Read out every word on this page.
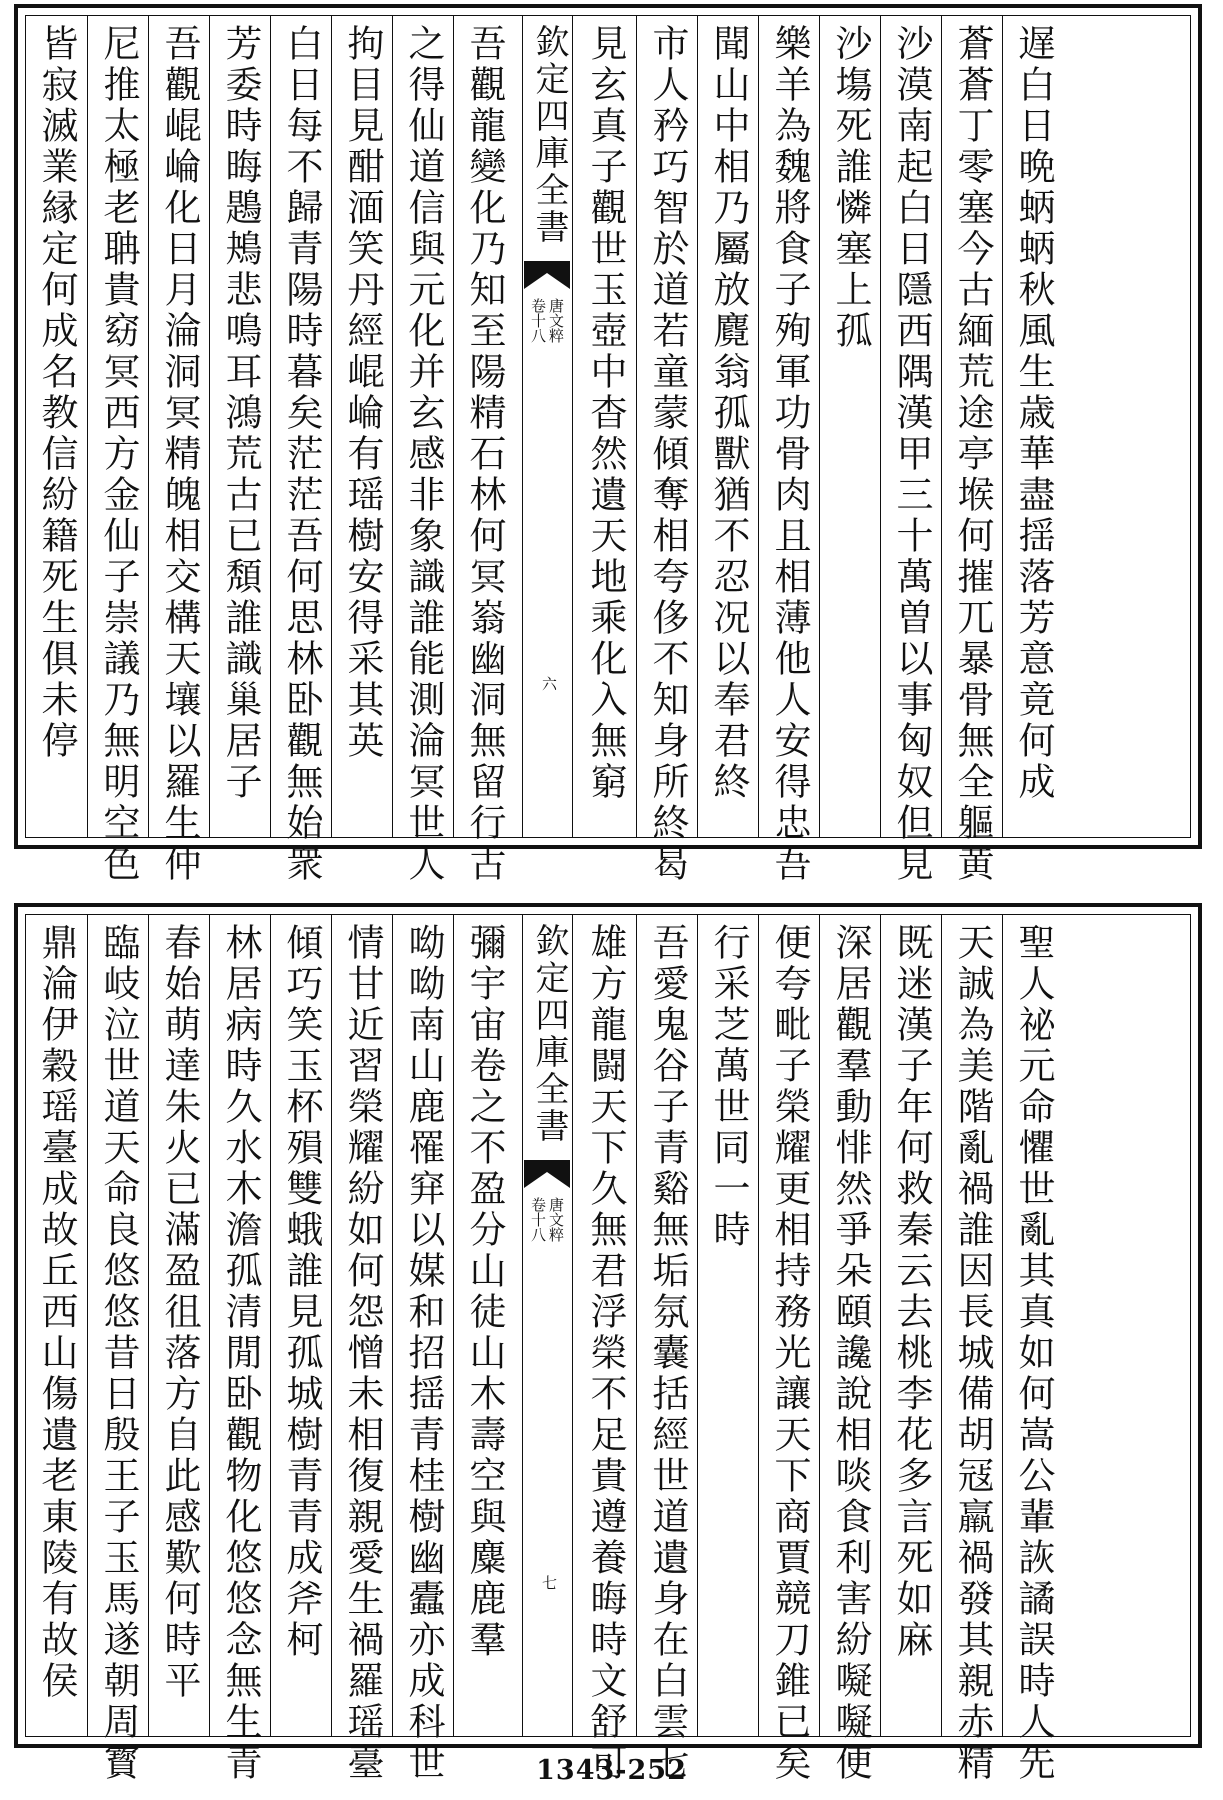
皆寂滅業縁定何成名教信紛籍死生俱未停 尼推太極老聃貴窈冥西方金仙子崇議乃無明空色 吾觀崐崘化日月淪洞冥精魄相交構天壤以羅生仲 芳委時晦鶗鴂悲鳴耳鴻荒古已頽誰識巢居子 白日每不歸青陽時暮矣茫茫吾何思林卧觀無始衆 拘目見酣湎笑丹經崐崘有瑶樹安得采其英 之得仙道信與元化并玄感非象識誰能測淪冥世人 吾觀龍變化乃知至陽精石林何冥嵡幽洞無留行古 欽定四庫全書
唐文粹
卷十八
六 見玄真子觀世玉壺中杳然遺天地乘化入無窮 市人矜巧智於道若童蒙傾奪相夸侈不知身所終曷 聞山中相乃屬放麑翁孤獸猶不忍况以奉君終 樂羊為魏將食子殉軍功骨肉且相薄他人安得忠吾 沙塲死誰憐塞上孤 沙漠南起白日隱西隅漢甲三十萬曽以事匈奴但見 蒼蒼丁零塞今古緬荒途亭堠何摧兀暴骨無全軀黄 遅白日晩蛃蛃秋風生歳華盡揺落芳意竟何成
鼎淪伊穀瑶臺成故丘西山傷遺老東陵有故侯 臨岐泣世道天命良悠悠昔日殷王子玉馬遂朝周寳 春始萌達朱火已滿盈徂落方自此感歎何時平 林居病時久水木澹孤清閒卧觀物化悠悠念無生青 傾巧笑玉杯殞雙蛾誰見孤城樹青青成斧柯 情甘近習榮耀紛如何怨憎未相復親愛生禍羅瑶臺 呦呦南山鹿罹穽以媒和招揺青桂樹幽蠹亦成科世 彌宇宙卷之不盈分山徒山木壽空與麋鹿羣 欽定四庫全書
唐文粹
卷十八
七 雄方龍闘天下久無君浮榮不足貴遵養晦時文舒可 吾愛鬼谷子青谿無垢氛囊括經世道遺身在白雲七 行采芝萬世同一時 便夸毗子榮耀更相持務光讓天下商賈競刀錐已矣 深居觀羣動悱然爭朵頤讒說相啖食利害紛㘈㘈便 既迷漢子年何救秦云去桃李花多言死如麻 天誠為美階亂禍誰因長城備胡冦羸禍發其親赤精 聖人祕元命懼世亂其真如何嵩公輩詼譎誤時人先
1343-252
